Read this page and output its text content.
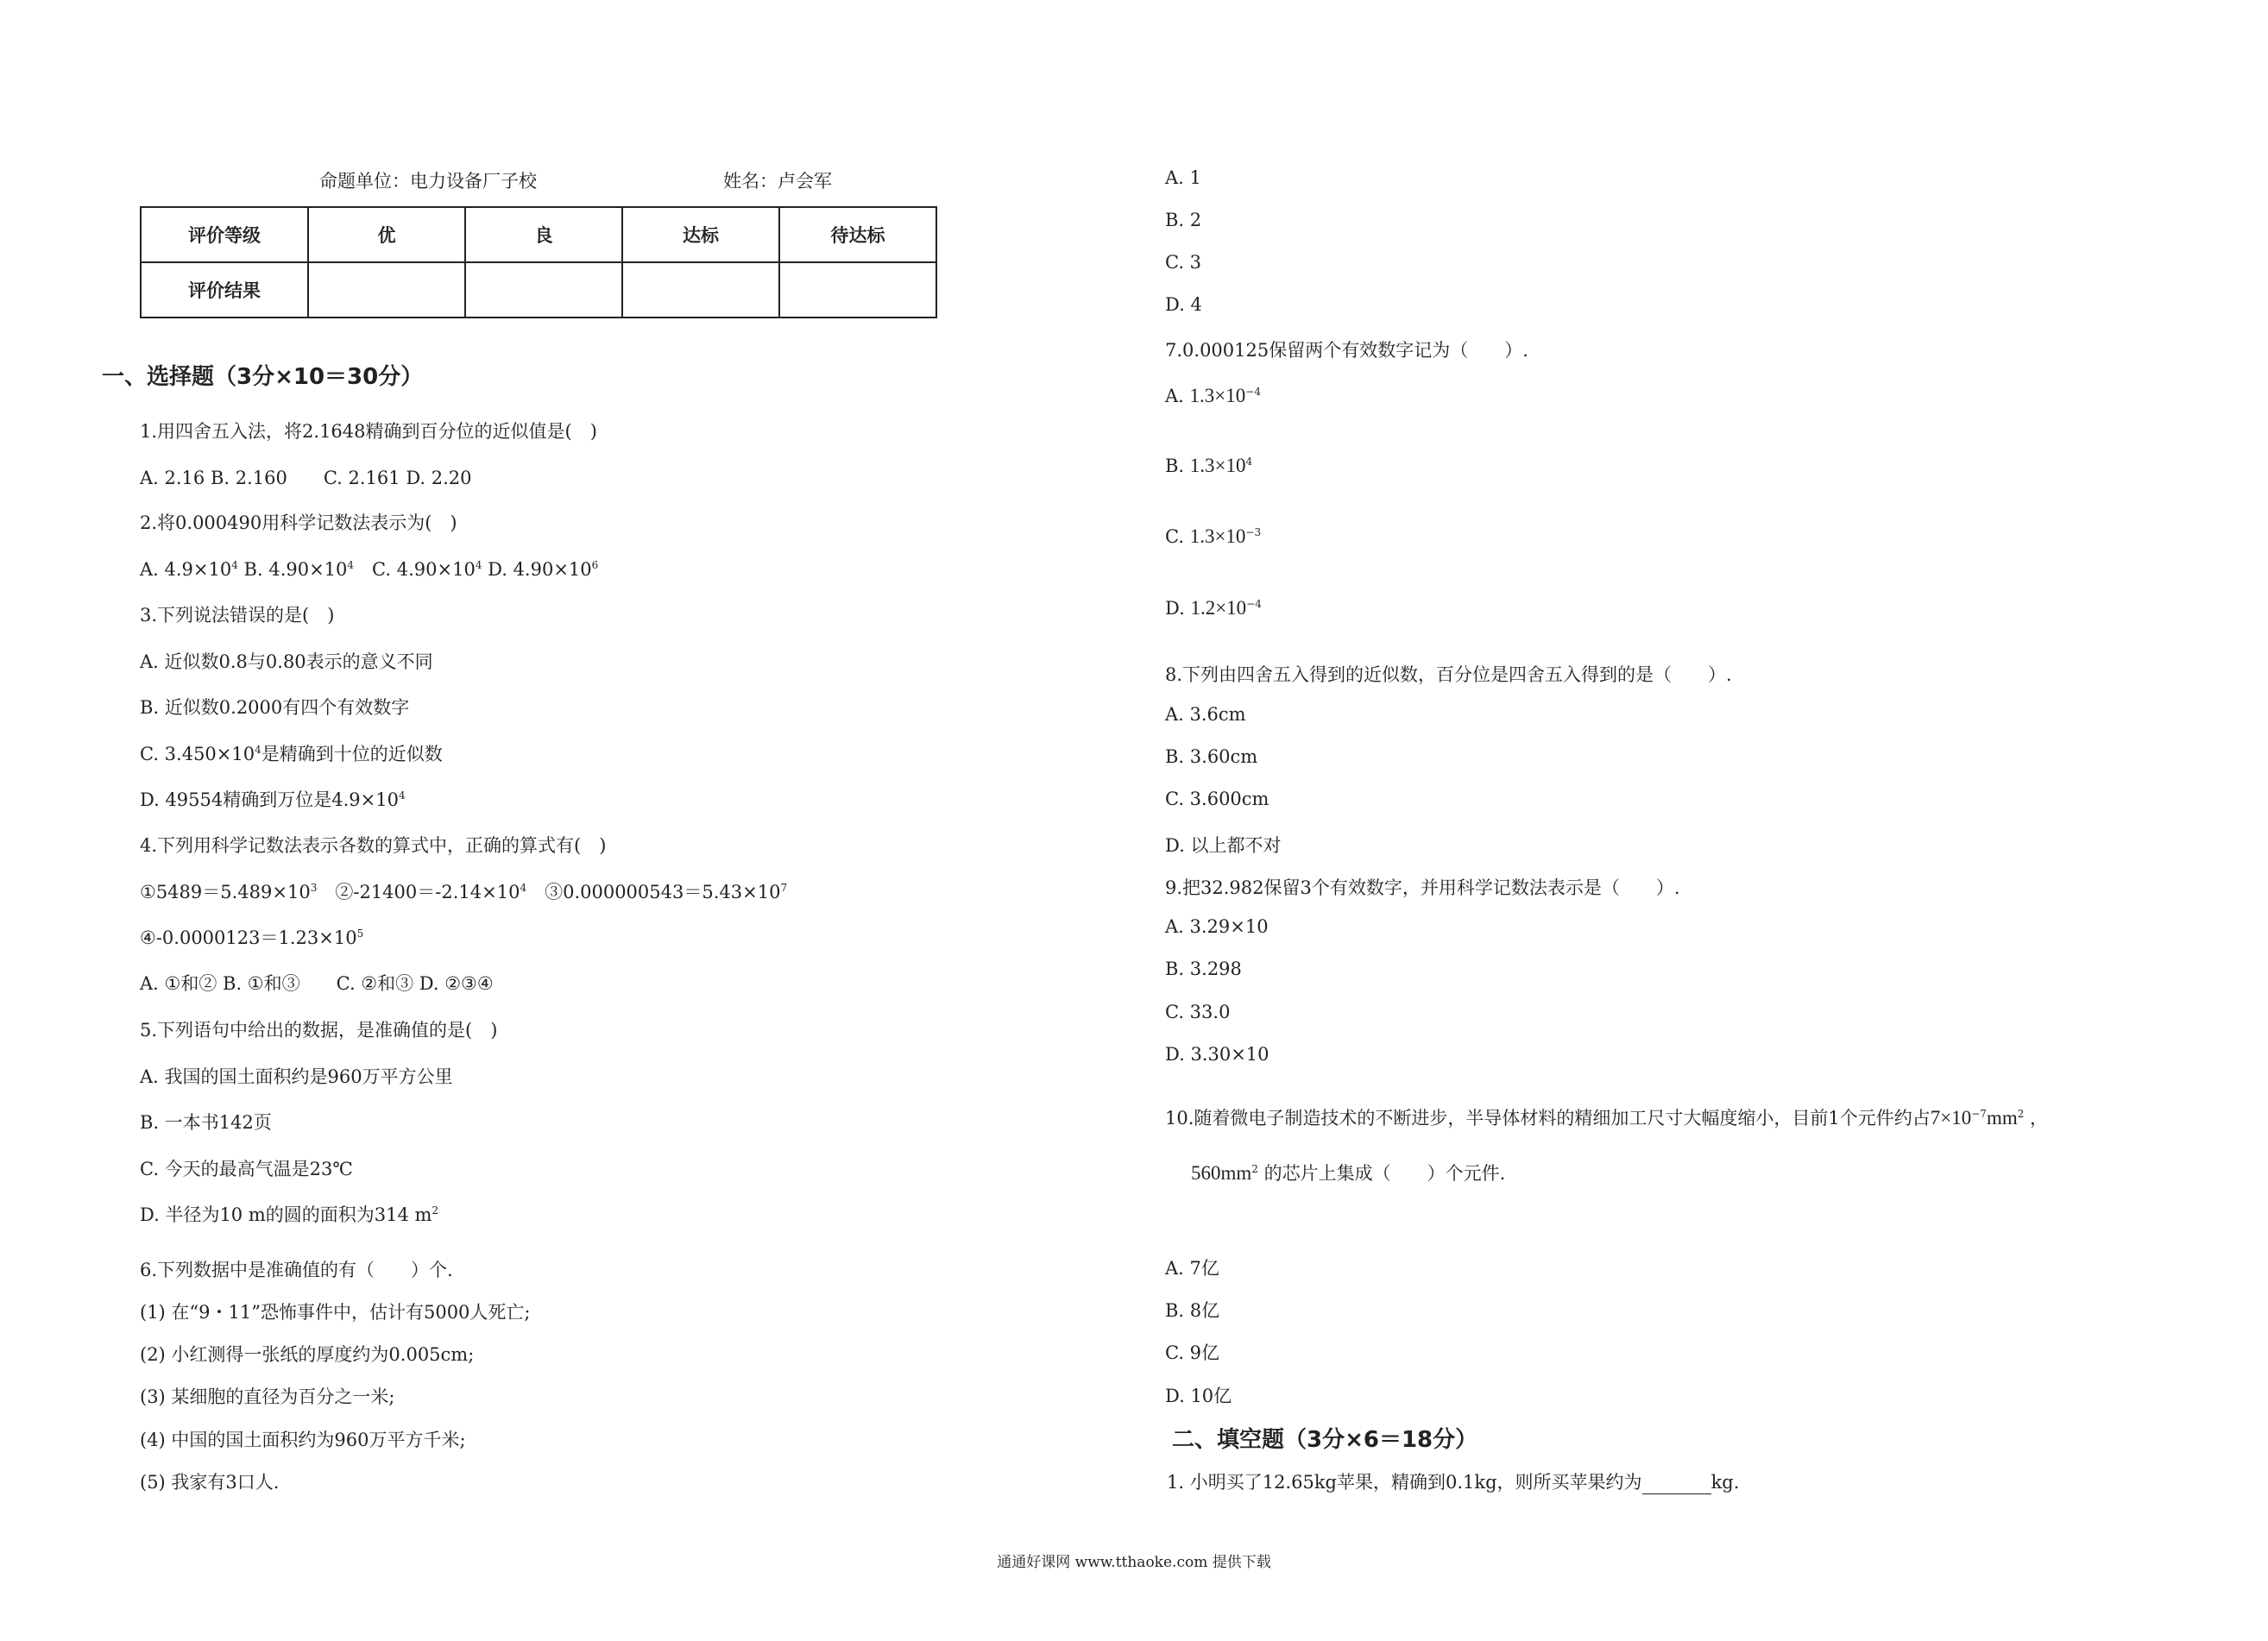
命题单位：电力设备厂子校	姓名：卢会军
评价等级	优	良	达标	待达标
评价结果				
一、选择题（3分×10＝30分）
1.用四舍五入法，将2.1648精确到百分位的近似值是(　)
A. 2.16 B. 2.160　　C. 2.161 D. 2.20
2.将0.000490用科学记数法表示为(　)
A. $4.9\times 10^4$ B. $4.90\times 10^4$　C. $4.90\times 10^4$ D. $4.90\times 10^6$
3.下列说法错误的是(　)
A. 近似数0.8与0.80表示的意义不同
B. 近似数0.2000有四个有效数字
C. $3.450\times 10^4$是精确到十位的近似数
D. 49554精确到万位是$4.9\times 10^4$
4.下列用科学记数法表示各数的算式中，正确的算式有(　)
$①5489=5.489\times 10^3$　$②-21400=-2.14\times 10^4$　$③0.000000543=5.43\times 10^7$
$④-0.0000123=1.23\times 10^5$
A. ①和② B. ①和③　　C. ②和③ D. ②③④
5.下列语句中给出的数据，是准确值的是(　)
A. 我国的国土面积约是960万平方公里
B. 一本书142页
C. 今天的最高气温是23℃
D. 半径为10 m的圆的面积为314 $m^2$
6.下列数据中是准确值的有（　　）个.
(1) 在“9・11”恐怖事件中，估计有5000人死亡;
(2) 小红测得一张纸的厚度约为0.005cm;
(3) 某细胞的直径为百分之一米;
(4) 中国的国土面积约为960万平方千米;
(5) 我家有3口人.
A. 1
B. 2
C. 3
D. 4
7.0.000125保留两个有效数字记为（　　）.
A. $1.3\times 10^{-4}$
B. $1.3\times 10^4$
C. $1.3\times 10^{-3}$
D. $1.2\times 10^{-4}$
8.下列由四舍五入得到的近似数，百分位是四舍五入得到的是（　　）.
A. 3.6cm
B. 3.60cm
C. 3.600cm
D. 以上都不对
9.把32.982保留3个有效数字，并用科学记数法表示是（　　）.
A. 3.29×10
B. 3.298
C. 33.0
D. 3.30×10
10.随着微电子制造技术的不断进步，半导体材料的精细加工尺寸大幅度缩小，目前1个元件约占$7\times 10^{-7}mm^2$ ，
$560mm^2$ 的芯片上集成（　　）个元件.
A. 7亿
B. 8亿
C. 9亿
D. 10亿
二、填空题（3分×6＝18分）
1. 小明买了12.65kg苹果，精确到0.1kg，则所买苹果约为	kg.
通通好课网 www.tthaoke.com 提供下载
